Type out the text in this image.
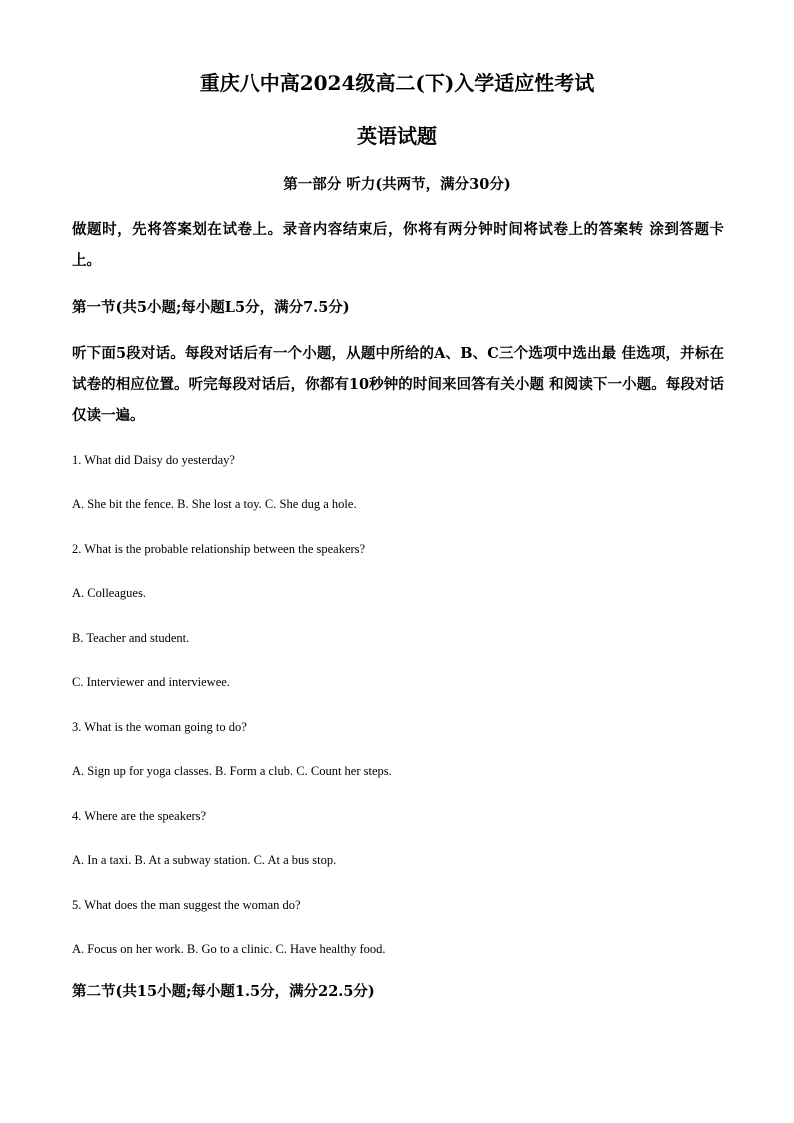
重庆八中高2024级高二(下)入学适应性考试
英语试题
第一部分 听力(共两节，满分30分)
做题时，先将答案划在试卷上。录音内容结束后，你将有两分钟时间将试卷上的答案转 涂到答题卡上。
第一节(共5小题;每小题L5分，满分7.5分)
听下面5段对话。每段对话后有一个小题，从题中所给的A、B、C三个选项中选出最 佳选项，并标在试卷的相应位置。听完每段对话后，你都有10秒钟的时间来回答有关小题 和阅读下一小题。每段对话仅读一遍。
1. What did Daisy do yesterday?
A. She bit the fence. B. She lost a toy. C. She dug a hole.
2. What is the probable relationship between the speakers?
A. Colleagues.
B. Teacher and student.
C. Interviewer and interviewee.
3. What is the woman going to do?
A. Sign up for yoga classes. B. Form a club. C. Count her steps.
4. Where are the speakers?
A. In a taxi. B. At a subway station. C. At a bus stop.
5. What does the man suggest the woman do?
A. Focus on her work. B. Go to a clinic. C. Have healthy food.
第二节(共15小题;每小题1.5分，满分22.5分)
